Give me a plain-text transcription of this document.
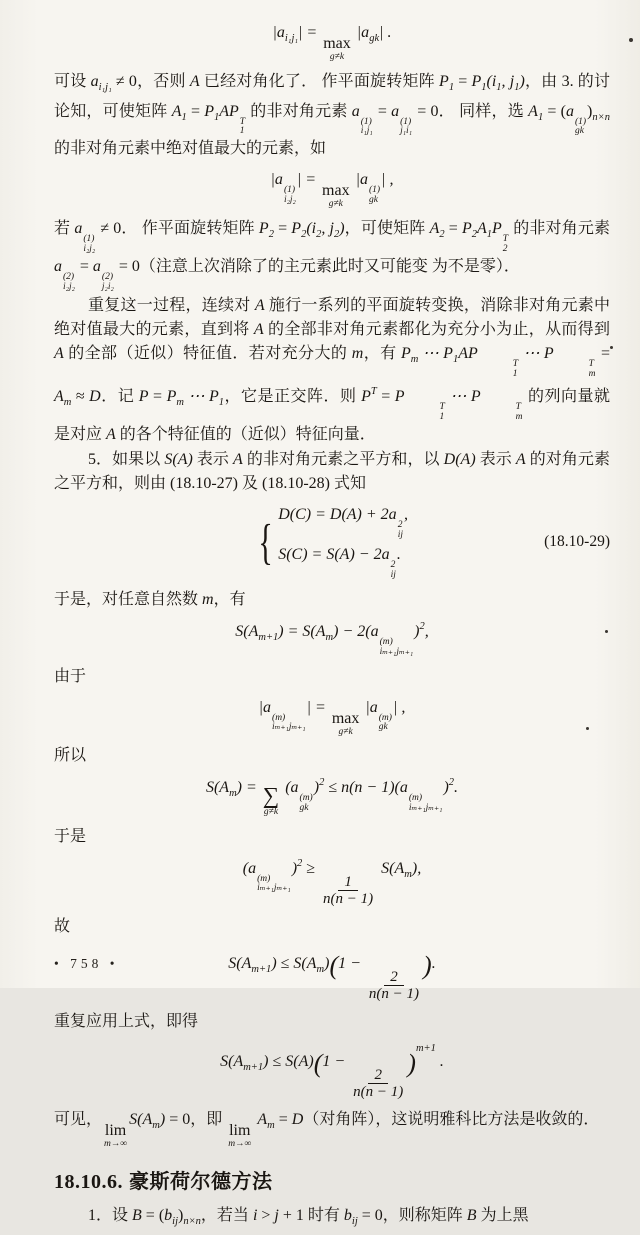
$|a_{i_1j_1}|$ =
max
g≠k
$|a_{gk}|$ .
可设 $a_{i_1j_1} \ne 0$，否则 A 已经对角化了． 作平面旋转矩阵 $P_1 = P_1(i_1$, $j_1$)，由 3. 的讨论知，可使矩阵 $A_1 = P_1AP$
T
1
的非对角元素 a
(1)
i₁j₁
= a
(1)
j₁i₁
= 0． 同样，选 $A_1 = (a$
(1)
gk
)$_{n\times n}$ 的非对角元素中绝对值最大的元素，如
|a
(1)
i₂j₂
| =
max
g≠k
|a
(1)
gk
| ,
若 a
(1)
i₂j₂
≠ 0． 作平面旋转矩阵 $P_2 = P_2(i_2$, $j_2$)，可使矩阵 $A_2 = P_2A_1P$
T
2
的非对角元素 a
(2)
i₂j₂
= a
(2)
j₂i₂
= 0（注意上次消除了的主元素此时又可能变 为不是零）．
重复这一过程，连续对 A 施行一系列的平面旋转变换，消除非对角元素中绝对值最大的元素，直到将 A 的全部非对角元素都化为充分小为止，从而得到 A 的全部（近似）特征值．若对充分大的 m，有 $P_m$ ⋯ $P_1AP$
T
1
⋯ P
T
m
= $A_m \approx D$．记 $P = P_m$ ⋯ $P_1$，它是正交阵．则 $P^T = P$
T
1
⋯ P
T
m
的列向量就是对应 A 的各个特征值的（近似）特征向量．
5．如果以 S(A) 表示 A 的非对角元素之平方和，以 D(A) 表示 A 的对角元素之平方和，则由 (18.10-27) 及 (18.10-28) 式知
{ D(C) = D(A) + 2a
2
ij
,
S(C) = S(A) − 2a
2
ij
.
(18.10-29)
于是，对任意自然数 m，有
$S(A_{m+1}) = S(A_m) - 2(a$
(m)
iₘ₊₁jₘ₊₁
)$^2$,
由于
|a
(m)
iₘ₊₁jₘ₊₁
| =
max
g≠k
|a
(m)
gk
| ,
所以
$S(A_m)$ = ∑
g≠k
(a
(m)
gk
)$^2$ ≤ n(n − 1)(a
(m)
iₘ₊₁jₘ₊₁
)$^2$.
于是
(a
(m)
iₘ₊₁jₘ₊₁
)$^2$ ≥
$\frac{1}{n(n - 1)}$
$S(A_m)$,
故
$S(A_{m+1}) \le S(A_m)(1$ −
$\frac{2}{n(n - 1)}$
).
重复应用上式，即得
$S(A_{m+1}) \le S(A)(1$ −
$\frac{2}{n(n - 1)}$
)$^{m+1}$ .
可见，
lim
m→∞
$S(A_m) = 0$，即
lim
m→∞
$A_m = D$（对角阵），这说明雅科比方法是收敛的．
18.10.6. 豪斯荷尔德方法
1．设 $B = (b_{ij})_{n\times n}$，若当 i > j + 1 时有 $b_{ij} = 0$，则称矩阵 B 为上黑
• 758 •
